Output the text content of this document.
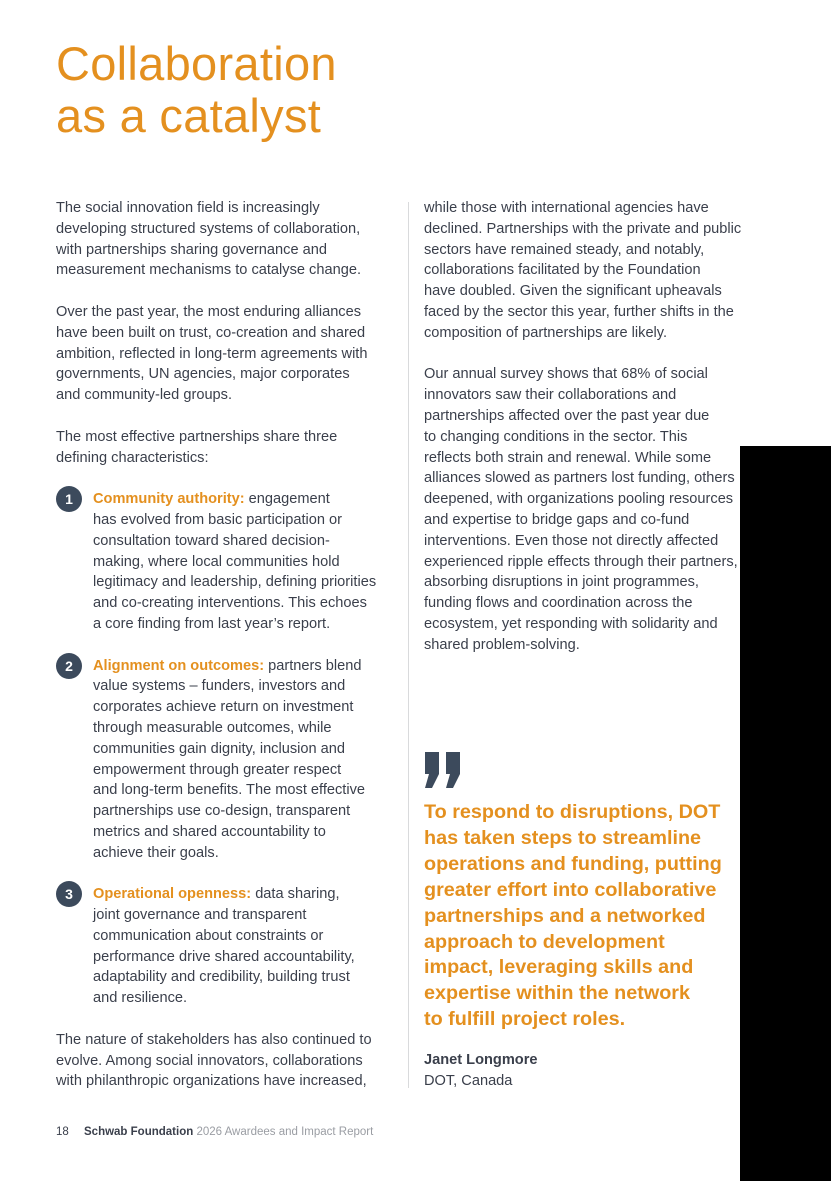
Collaboration
as a catalyst

The social innovation field is increasingly
developing structured systems of collaboration,
with partnerships sharing governance and
measurement mechanisms to catalyse change.

Over the past year, the most enduring alliances
have been built on trust, co-creation and shared
ambition, reflected in long-term agreements with
governments, UN agencies, major corporates
and community-led groups.

The most effective partnerships share three
defining characteristics:

1	Community authority: engagement
has evolved from basic participation or
consultation toward shared decision-
making, where local communities hold
legitimacy and leadership, defining priorities
and co-creating interventions. This echoes
a core finding from last year’s report.
2	Alignment on outcomes: partners blend
value systems – funders, investors and
corporates achieve return on investment
through measurable outcomes, while
communities gain dignity, inclusion and
empowerment through greater respect
and long-term benefits. The most effective
partnerships use co-design, transparent
metrics and shared accountability to
achieve their goals.
3	Operational openness: data sharing,
joint governance and transparent
communication about constraints or
performance drive shared accountability,
adaptability and credibility, building trust
and resilience.

The nature of stakeholders has also continued to
evolve. Among social innovators, collaborations
with philanthropic organizations have increased,

while those with international agencies have
declined. Partnerships with the private and public
sectors have remained steady, and notably,
collaborations facilitated by the Foundation
have doubled. Given the significant upheavals
faced by the sector this year, further shifts in the
composition of partnerships are likely.

Our annual survey shows that 68% of social
innovators saw their collaborations and
partnerships affected over the past year due
to changing conditions in the sector. This
reflects both strain and renewal. While some
alliances slowed as partners lost funding, others
deepened, with organizations pooling resources
and expertise to bridge gaps and co-fund
interventions. Even those not directly affected
experienced ripple effects through their partners,
absorbing disruptions in joint programmes,
funding flows and coordination across the
ecosystem, yet responding with solidarity and
shared problem-solving.

To respond to disruptions, DOT
has taken steps to streamline
operations and funding, putting
greater effort into collaborative
partnerships and a networked
approach to development
impact, leveraging skills and
expertise within the network
to fulfill project roles.
Janet Longmore
DOT, Canada
18 Schwab Foundation 2026 Awardees and Impact Report
